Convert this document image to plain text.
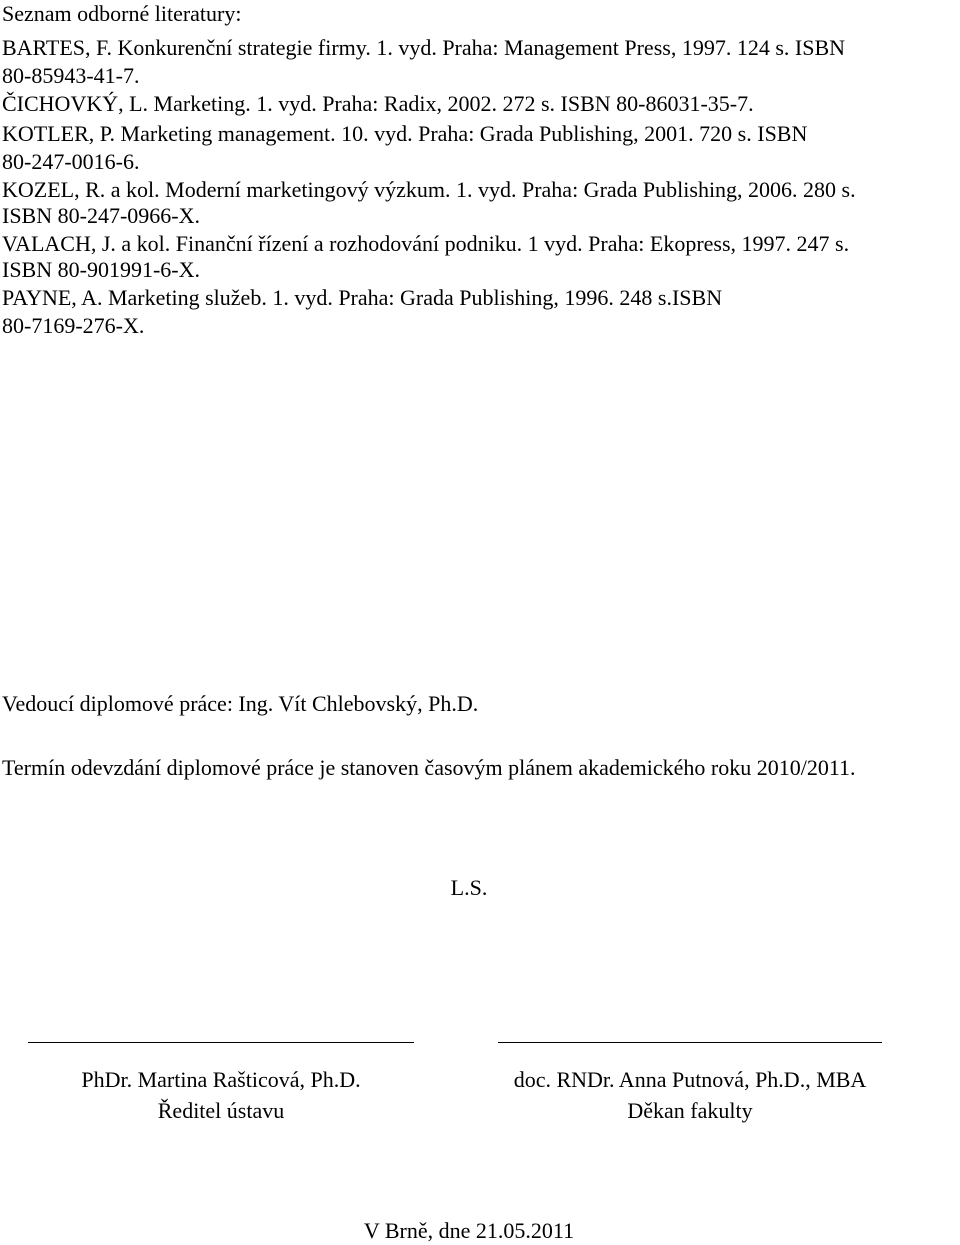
Seznam odborné literatury:
BARTES, F. Konkurenční strategie firmy. 1. vyd. Praha: Management Press, 1997. 124 s. ISBN
80-85943-41-7.
ČICHOVKÝ, L. Marketing. 1. vyd. Praha: Radix, 2002. 272 s. ISBN 80-86031-35-7.
KOTLER, P. Marketing management. 10. vyd. Praha: Grada Publishing, 2001. 720 s. ISBN
80-247-0016-6.
KOZEL, R. a kol. Moderní marketingový výzkum. 1. vyd. Praha: Grada Publishing, 2006. 280 s.
ISBN 80-247-0966-X.
VALACH, J. a kol. Finanční řízení a rozhodování podniku. 1 vyd. Praha: Ekopress, 1997. 247 s.
ISBN 80-901991-6-X.
PAYNE, A. Marketing služeb. 1. vyd. Praha: Grada Publishing, 1996. 248 s.ISBN
80-7169-276-X.
Vedoucí diplomové práce: Ing. Vít Chlebovský, Ph.D.
Termín odevzdání diplomové práce je stanoven časovým plánem akademického roku 2010/2011.
L.S.
PhDr. Martina Rašticová, Ph.D.
Ředitel ústavu
doc. RNDr. Anna Putnová, Ph.D., MBA
Děkan fakulty
V Brně, dne 21.05.2011
